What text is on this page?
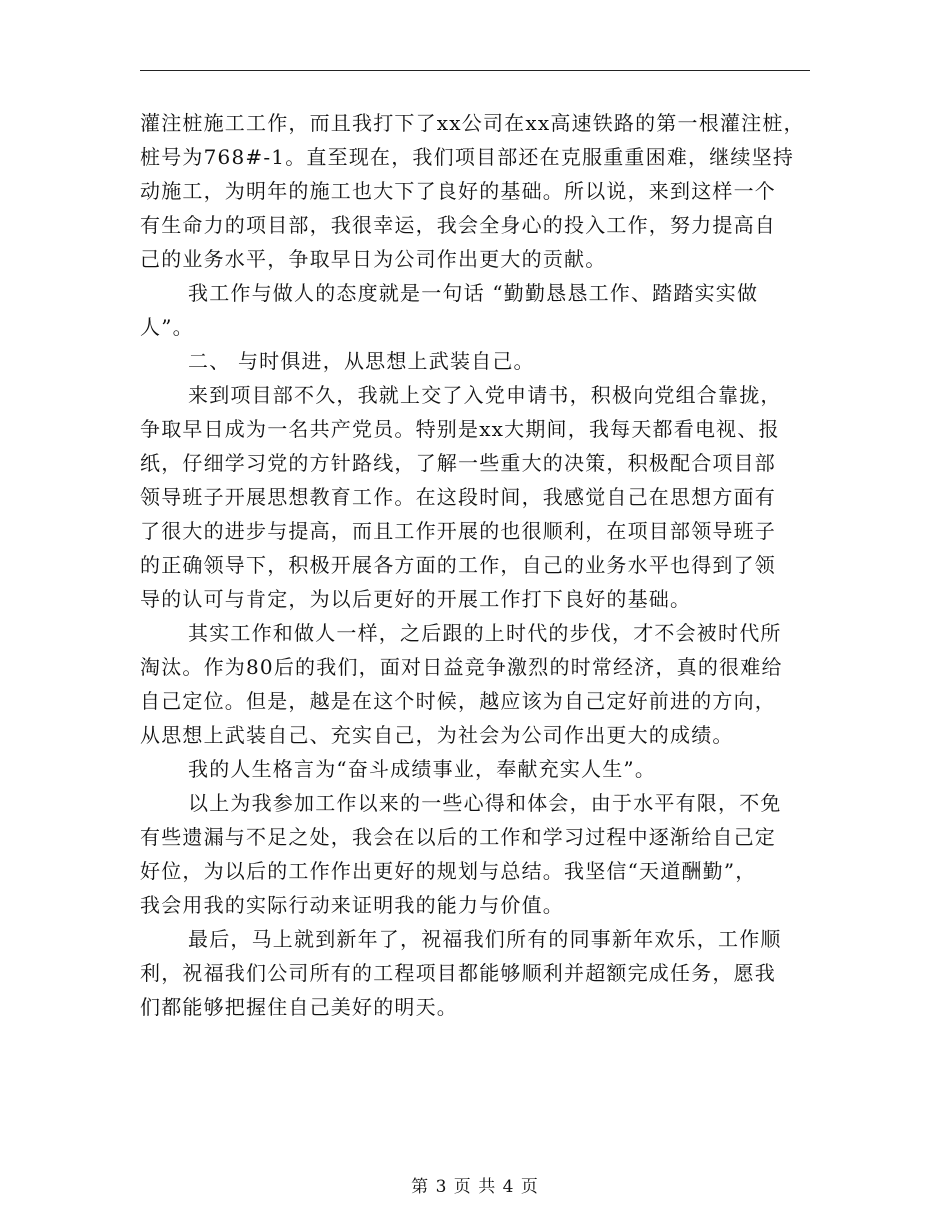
灌注桩施工工作，而且我打下了xx公司在xx高速铁路的第一根灌注桩，

桩号为768#-1。直至现在，我们项目部还在克服重重困难，继续坚持

动施工，为明年的施工也大下了良好的基础。所以说，来到这样一个

有生命力的项目部，我很幸运，我会全身心的投入工作，努力提高自

己的业务水平，争取早日为公司作出更大的贡献。

我工作与做人的态度就是一句话 “勤勤恳恳工作、踏踏实实做

人”。

二、 与时俱进，从思想上武装自己。

来到项目部不久，我就上交了入党申请书，积极向党组合靠拢，

争取早日成为一名共产党员。特别是xx大期间，我每天都看电视、报

纸，仔细学习党的方针路线，了解一些重大的决策，积极配合项目部

领导班子开展思想教育工作。在这段时间，我感觉自己在思想方面有

了很大的进步与提高，而且工作开展的也很顺利，在项目部领导班子

的正确领导下，积极开展各方面的工作，自己的业务水平也得到了领

导的认可与肯定，为以后更好的开展工作打下良好的基础。

其实工作和做人一样，之后跟的上时代的步伐，才不会被时代所

淘汰。作为80后的我们，面对日益竞争激烈的时常经济，真的很难给

自己定位。但是，越是在这个时候，越应该为自己定好前进的方向，

从思想上武装自己、充实自己，为社会为公司作出更大的成绩。

我的人生格言为“奋斗成绩事业，奉献充实人生”。

以上为我参加工作以来的一些心得和体会，由于水平有限，不免

有些遗漏与不足之处，我会在以后的工作和学习过程中逐渐给自己定

好位，为以后的工作作出更好的规划与总结。我坚信“天道酬勤”，

我会用我的实际行动来证明我的能力与价值。

最后，马上就到新年了，祝福我们所有的同事新年欢乐，工作顺

利，祝福我们公司所有的工程项目都能够顺利并超额完成任务，愿我

们都能够把握住自己美好的明天。

第 3 页 共 4 页
